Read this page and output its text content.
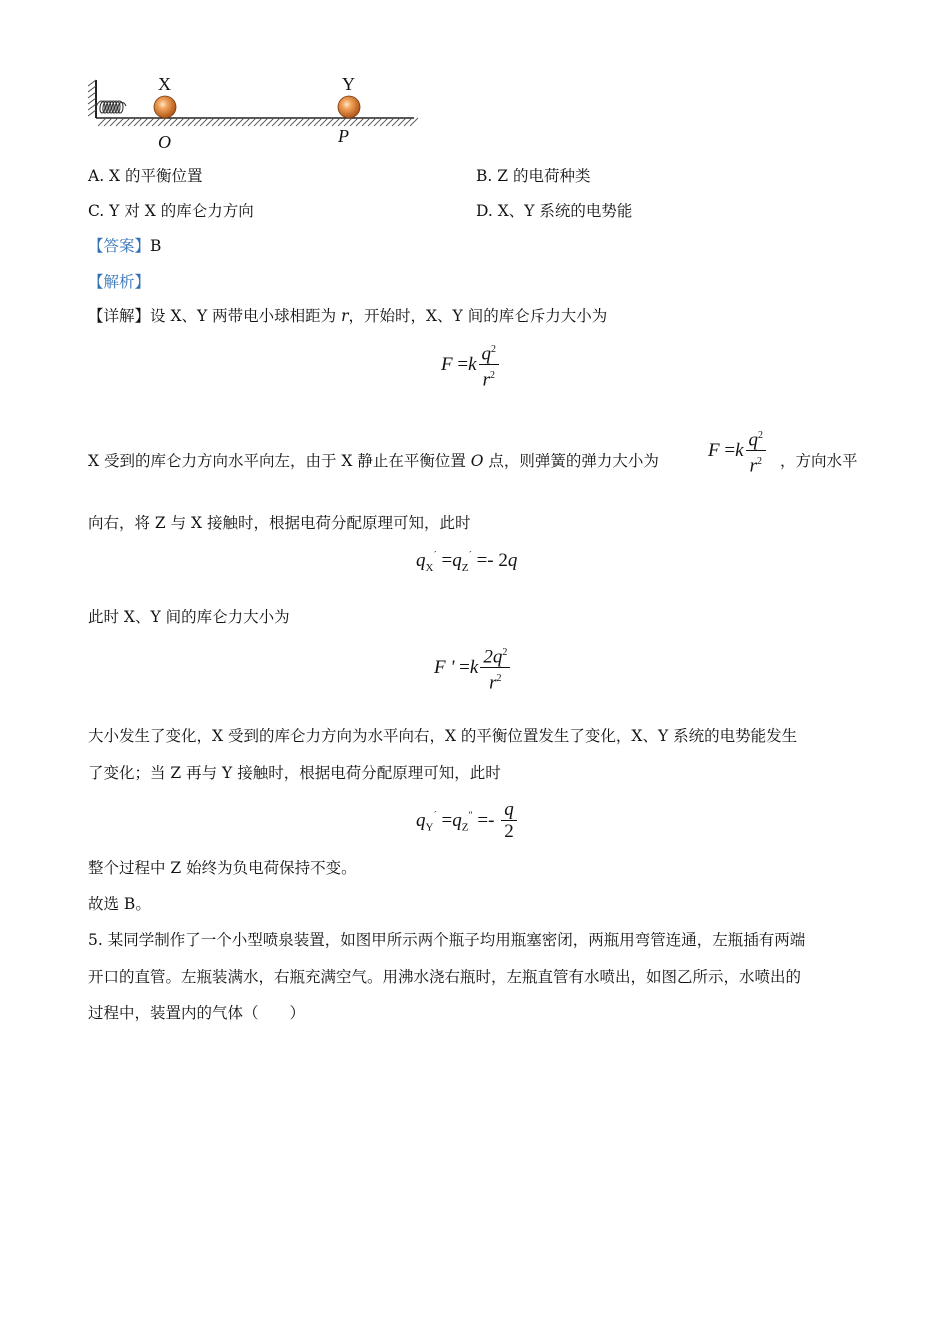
X	Y
O	P
A. X 的平衡位置	B. Z 的电荷种类
C. Y 对 X 的库仑力方向	D. X、Y 系统的电势能
【答案】B
【解析】
【详解】设 X、Y 两带电小球相距为 r，开始时，X、Y 间的库仑斥力大小为
$F =k \frac{q^2}{r^2}$
X 受到的库仑力方向水平向左，由于 X 静止在平衡位置 O 点，则弹簧的弹力大小为	$F =k \frac{q^2}{r^2}$ ，方向水平
向右，将 Z 与 X 接触时，根据电荷分配原理可知，此时
$q_X^´ =q_Z^´ =- 2q$
此时 X、Y 间的库仑力大小为
F ' $=k \frac{2q^2}{r^2}$
大小发生了变化，X 受到的库仑力方向为水平向右，X 的平衡位置发生了变化，X、Y 系统的电势能发生
了变化；当 Z 再与 Y 接触时，根据电荷分配原理可知，此时
$q_Y^´ =q_Z'' =- \frac{q}{2}$
整个过程中 Z 始终为负电荷保持不变。
故选 B。
5. 某同学制作了一个小型喷泉装置，如图甲所示两个瓶子均用瓶塞密闭，两瓶用弯管连通，左瓶插有两端
开口的直管。左瓶装满水，右瓶充满空气。用沸水浇右瓶时，左瓶直管有水喷出，如图乙所示，水喷出的
过程中，装置内的气体（　　）
